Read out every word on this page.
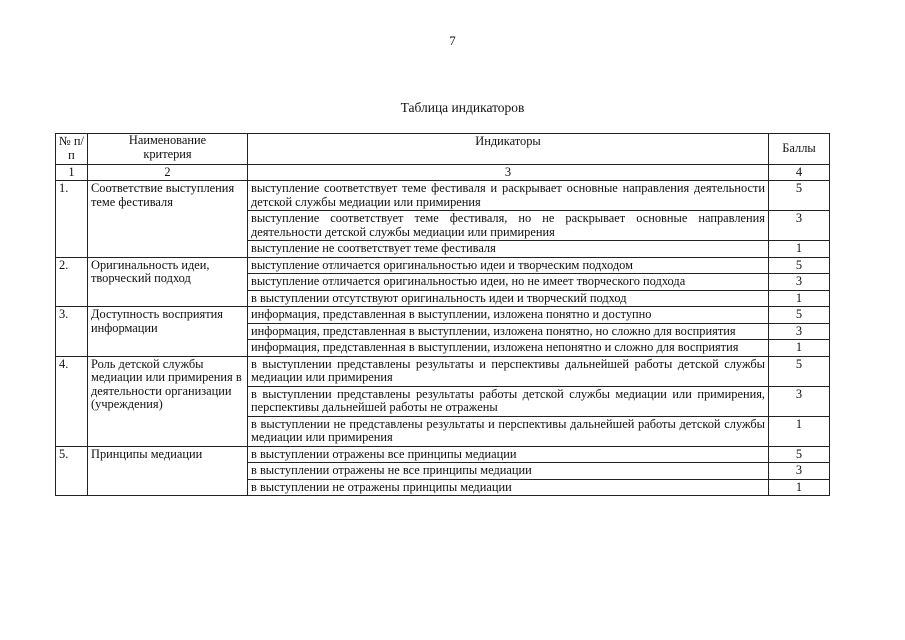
7
Таблица индикаторов
№ п/п	Наименование критерия	Индикаторы	Баллы
1	2	3	4
1.	Соответствие выступления теме фестиваля	выступление соответствует теме фестиваля и раскрывает основные направления деятельности детской службы медиации или примирения	5
		выступление соответствует теме фестиваля, но не раскрывает основные направления деятельности детской службы медиации или примирения	3
		выступление не соответствует теме фестиваля	1
2.	Оригинальность идеи, творческий подход	выступление отличается оригинальностью идеи и творческим подходом	5
		выступление отличается оригинальностью идеи, но не имеет творческого подхода	3
		в выступлении отсутствуют оригинальность идеи и творческий подход	1
3.	Доступность восприятия информации	информация, представленная в выступлении, изложена понятно и доступно	5
		информация, представленная в выступлении, изложена понятно, но сложно для восприятия	3
		информация, представленная в выступлении, изложена непонятно и сложно для восприятия	1
4.	Роль детской службы медиации или примирения в деятельности организации (учреждения)	в выступлении представлены результаты и перспективы дальнейшей работы детской службы медиации или примирения	5
		в выступлении представлены результаты работы детской службы медиации или примирения, перспективы дальнейшей работы не отражены	3
		в выступлении не представлены результаты и перспективы дальнейшей работы детской службы медиации или примирения	1
5.	Принципы медиации	в выступлении отражены все принципы медиации	5
		в выступлении отражены не все принципы медиации	3
		в выступлении не отражены принципы медиации	1
